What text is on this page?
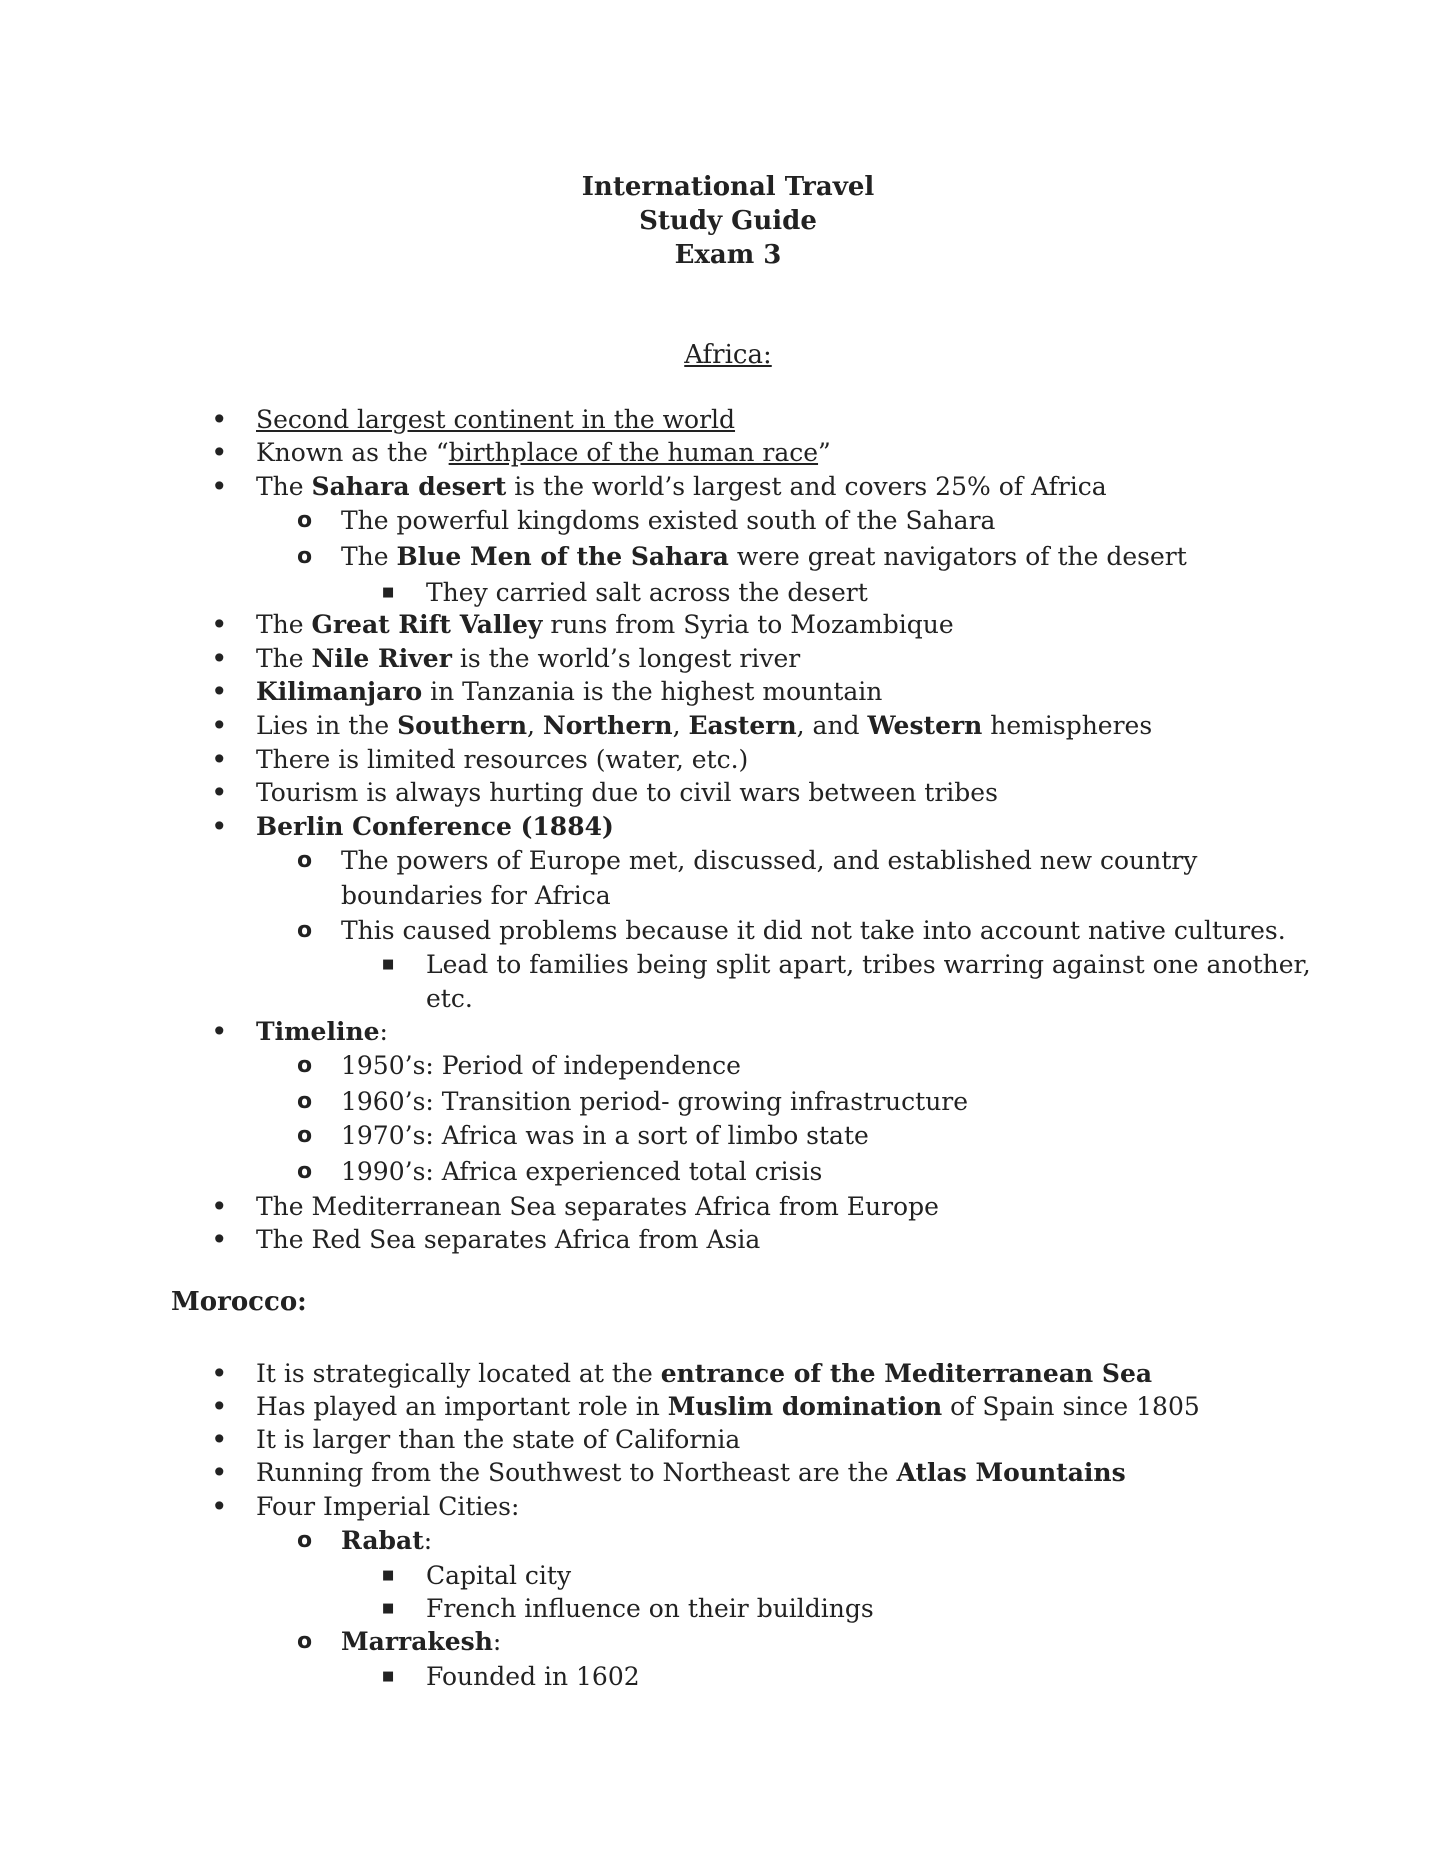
International Travel
Study Guide
Exam 3
Africa:
•
Second largest continent in the world
•
Known as the “birthplace of the human race”
•
The Sahara desert is the world’s largest and covers 25% of Africa
o The powerful kingdoms existed south of the Sahara
o The Blue Men of the Sahara were great navigators of the desert
■ They carried salt across the desert
•
The Great Rift Valley runs from Syria to Mozambique
•
The Nile River is the world’s longest river
•
Kilimanjaro in Tanzania is the highest mountain
•
Lies in the Southern, Northern, Eastern, and Western hemispheres
•
There is limited resources (water, etc.)
•
Tourism is always hurting due to civil wars between tribes
•
Berlin Conference (1884)
o The powers of Europe met, discussed, and established new country
boundaries for Africa
o This caused problems because it did not take into account native cultures.
■ Lead to families being split apart, tribes warring against one another,
etc.
•
Timeline:
o 1950’s: Period of independence
o 1960’s: Transition period- growing infrastructure
o 1970’s: Africa was in a sort of limbo state
o 1990’s: Africa experienced total crisis
•
The Mediterranean Sea separates Africa from Europe
•
The Red Sea separates Africa from Asia
Morocco:
•
It is strategically located at the entrance of the Mediterranean Sea
•
Has played an important role in Muslim domination of Spain since 1805
•
It is larger than the state of California
•
Running from the Southwest to Northeast are the Atlas Mountains
•
Four Imperial Cities:
o Rabat:
■ Capital city
■ French influence on their buildings
o Marrakesh:
■ Founded in 1602
